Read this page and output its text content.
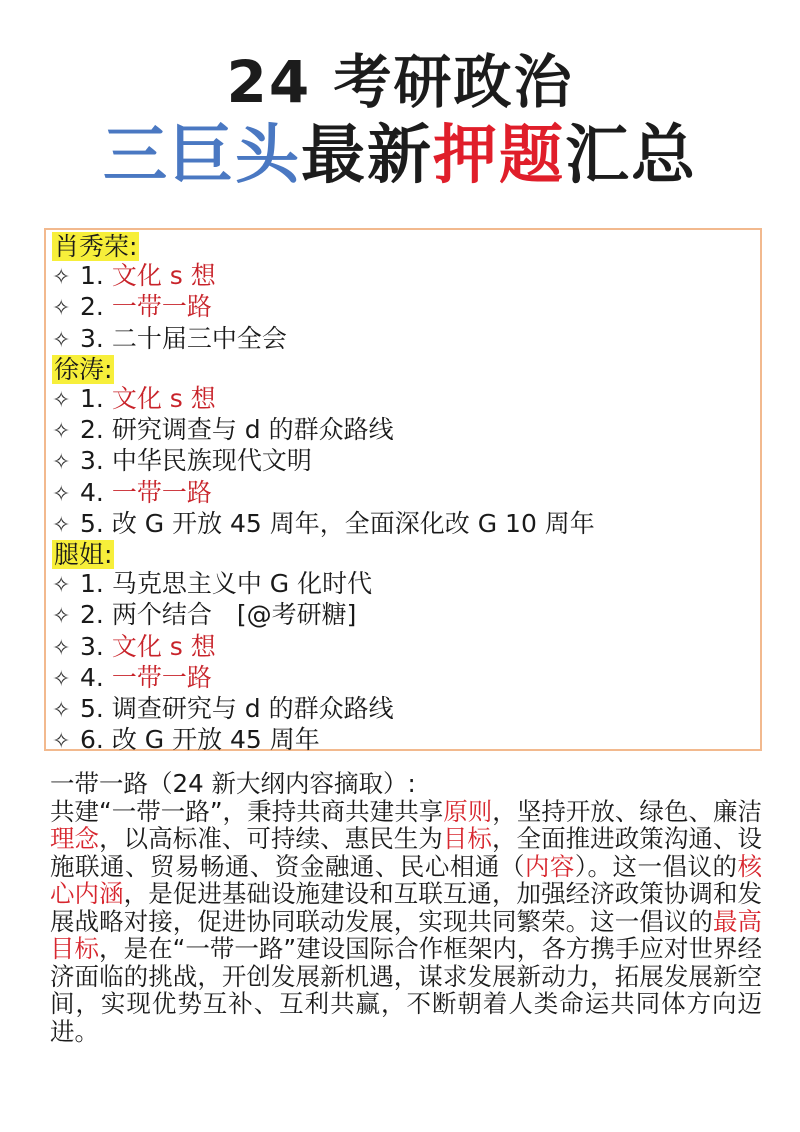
24 考研政治
三巨头最新押题汇总
肖秀荣:
✧ 1. 文化 s 想
✧ 2. 一带一路
✧ 3. 二十届三中全会
徐涛:
✧ 1. 文化 s 想
✧ 2. 研究调查与 d 的群众路线
✧ 3. 中华民族现代文明
✧ 4. 一带一路
✧ 5. 改 G 开放 45 周年，全面深化改 G 10 周年
腿姐:
✧ 1. 马克思主义中 G 化时代
✧ 2. 两个结合　[@考研糖]
✧ 3. 文化 s 想
✧ 4. 一带一路
✧ 5. 调查研究与 d 的群众路线
✧ 6. 改 G 开放 45 周年
一带一路（24 新大纲内容摘取）:
共建“一带一路”，秉持共商共建共享原则，坚持开放、绿色、廉洁理念，以高标准、可持续、惠民生为目标，全面推进政策沟通、设施联通、贸易畅通、资金融通、民心相通（内容）。这一倡议的核心内涵，是促进基础设施建设和互联互通，加强经济政策协调和发展战略对接，促进协同联动发展，实现共同繁荣。这一倡议的最高目标，是在“一带一路”建设国际合作框架内，各方携手应对世界经济面临的挑战，开创发展新机遇，谋求发展新动力，拓展发展新空间，实现优势互补、互利共赢，不断朝着人类命运共同体方向迈进。
